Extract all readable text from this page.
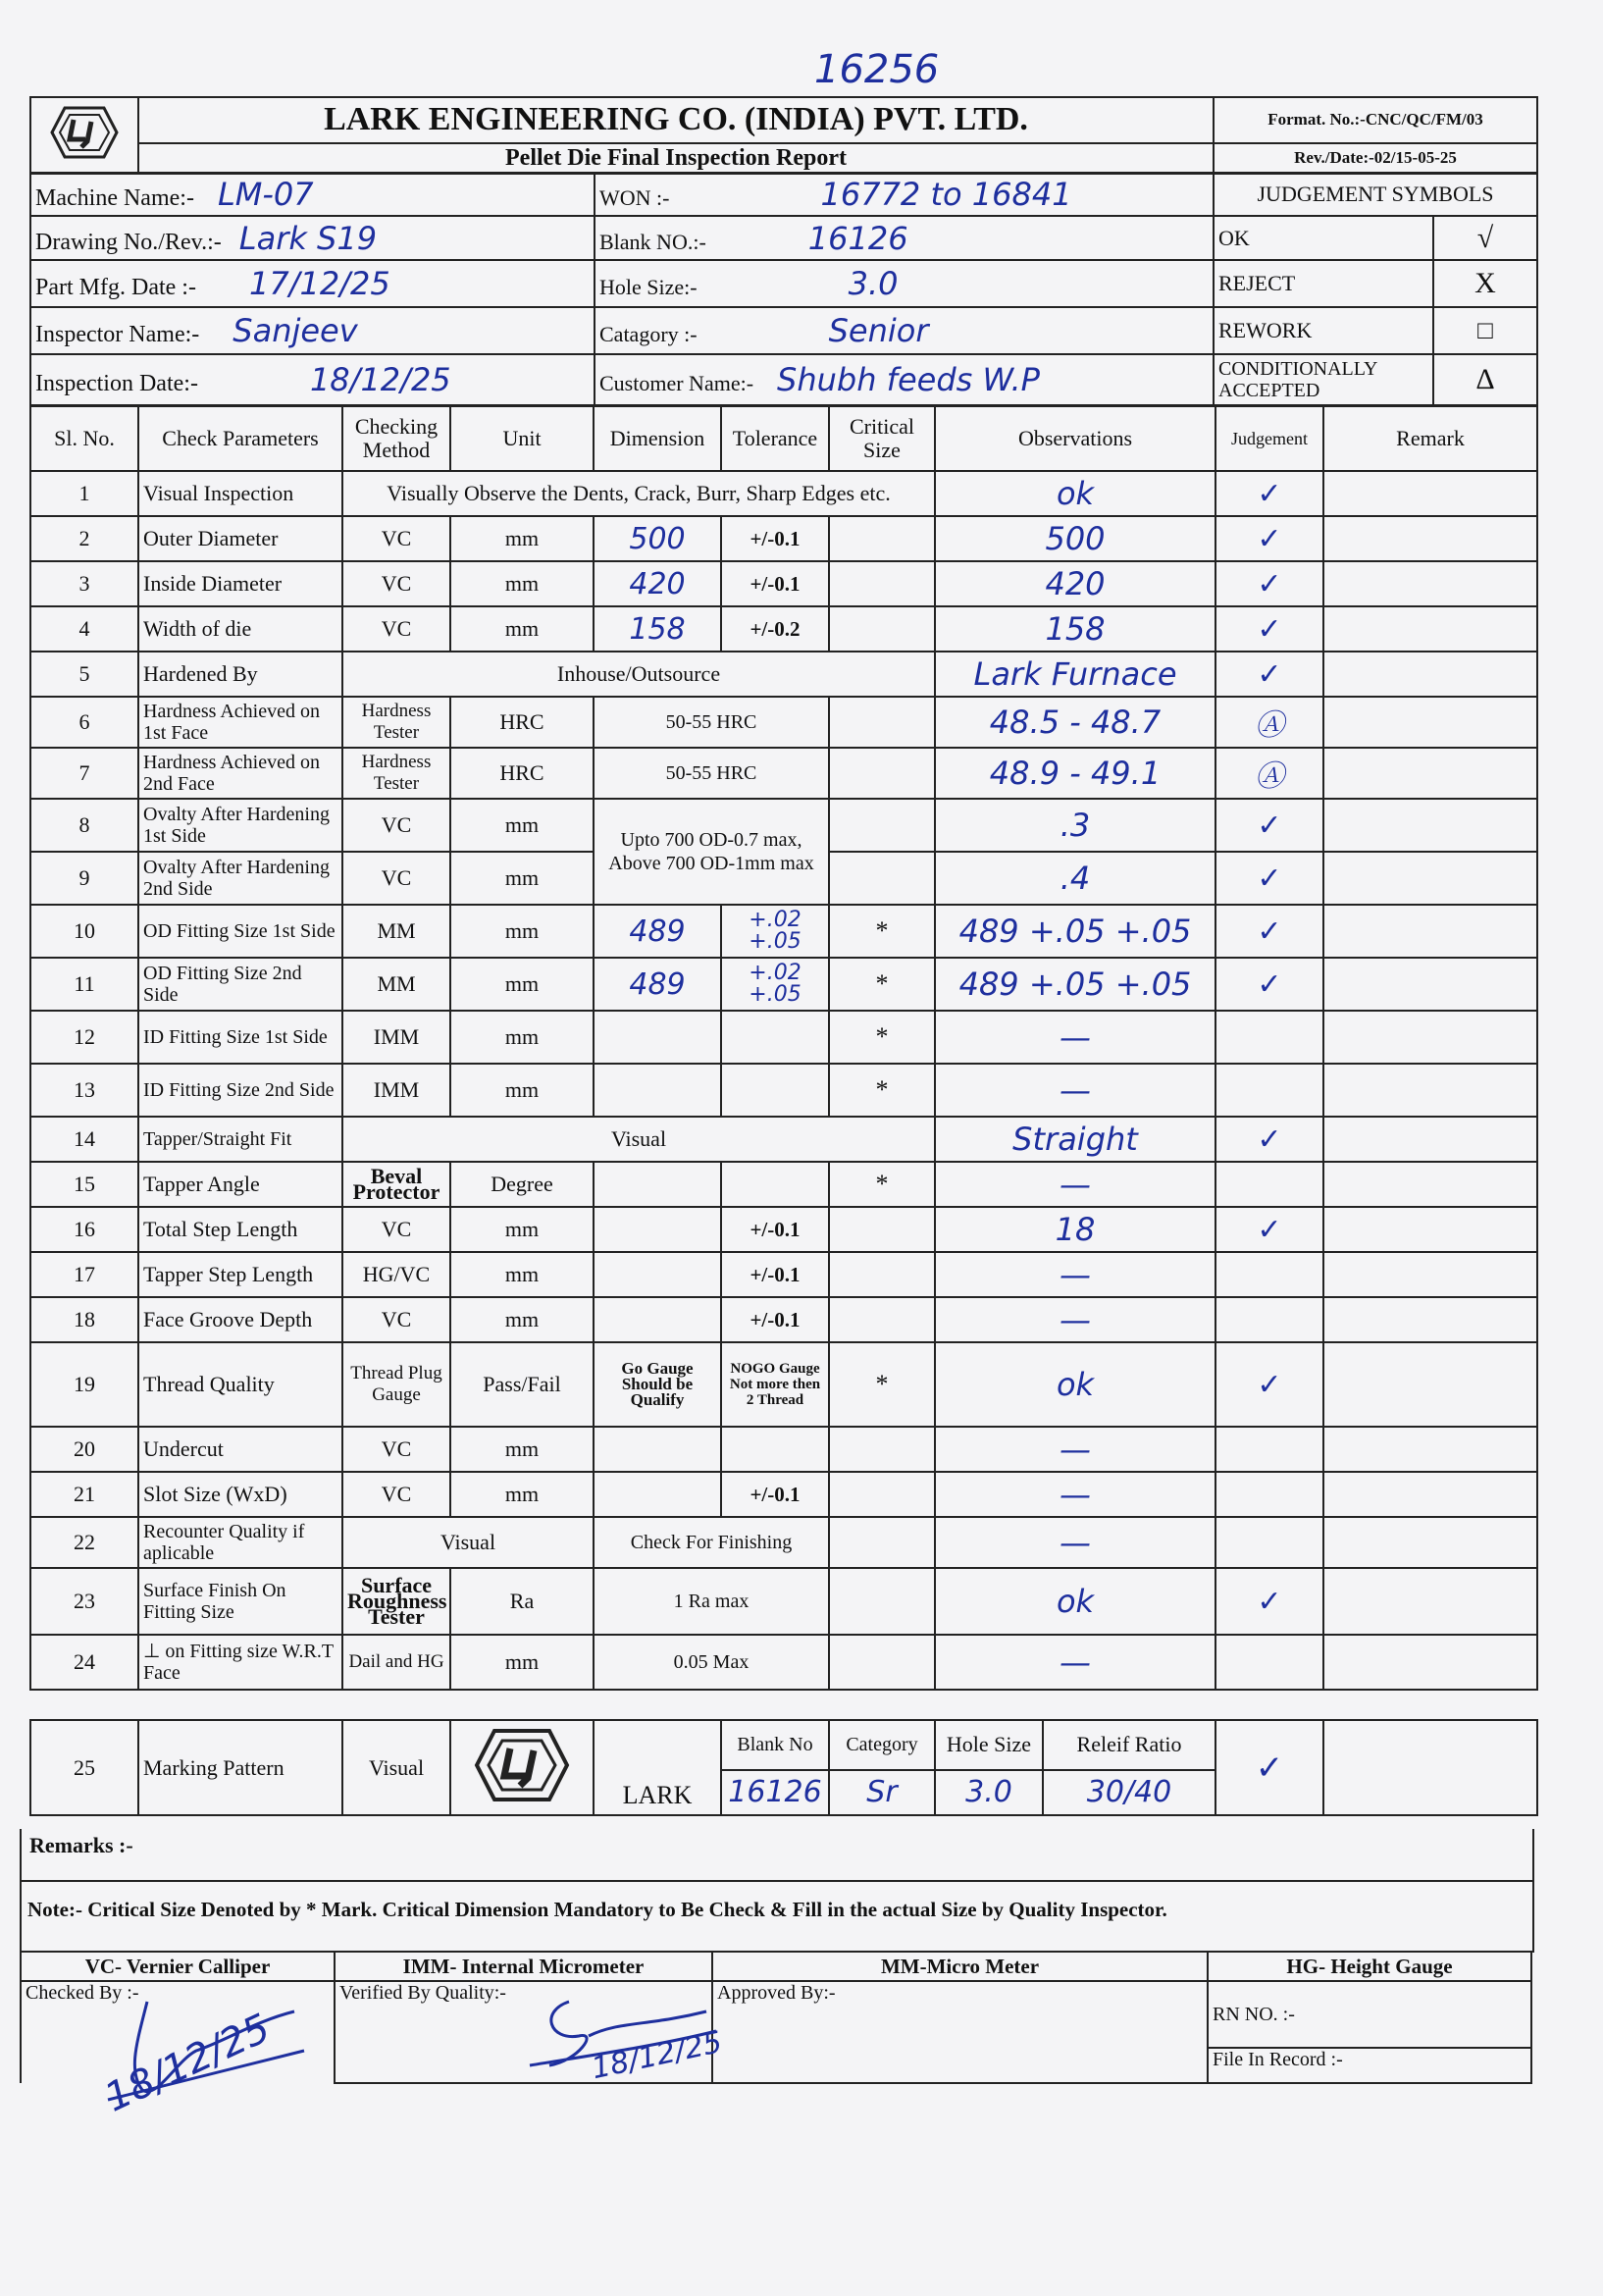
16256
	LARK ENGINEERING CO. (INDIA) PVT. LTD.	Format. No.:-CNC/QC/FM/03
	Pellet Die Final Inspection Report	Rev./Date:-02/15-05-25
Machine Name:- LM-07	WON :- 16772 to 16841	JUDGEMENT SYMBOLS	
Drawing No./Rev.:- Lark S19	Blank NO.:- 16126	OK	√
Part Mfg. Date :- 17/12/25	Hole Size:- 3.0	REJECT	X
Inspector Name:- Sanjeev	Catagory :- Senior	REWORK	□
Inspection Date:- 18/12/25	Customer Name:- Shubh feeds W.P	CONDITIONALLY ACCEPTED	Δ
Sl. No.	Check Parameters	Checking Method	Unit	Dimension	Tolerance	Critical Size	Observations	Judgement	Remark
1	Visual Inspection	Visually Observe the Dents, Crack, Burr, Sharp Edges etc.					ok	✓	
2	Outer Diameter	VC	mm	500	+/-0.1		500	✓	
3	Inside Diameter	VC	mm	420	+/-0.1		420	✓	
4	Width of die	VC	mm	158	+/-0.2		158	✓	
5	Hardened By	Inhouse/Outsource					Lark Furnace	✓	
6	Hardness Achieved on 1st Face	Hardness Tester	HRC	50-55 HRC			48.5 - 48.7	Ⓐ	
7	Hardness Achieved on 2nd Face	Hardness Tester	HRC	50-55 HRC			48.9 - 49.1	Ⓐ	
8	Ovalty After Hardening 1st Side	VC	mm	Upto 700 OD-0.7 max, Above 700 OD-1mm max			.3	✓	
9	Ovalty After Hardening 2nd Side	VC	mm				.4	✓	
10	OD Fitting Size 1st Side	MM	mm	489	+.02 +.05	*	489 +.05 +.05	✓	
11	OD Fitting Size 2nd Side	MM	mm	489	+.02 +.05	*	489 +.05 +.05	✓	
12	ID Fitting Size 1st Side	IMM	mm			*	—		
13	ID Fitting Size 2nd Side	IMM	mm			*	—		
14	Tapper/Straight Fit	Visual					Straight	✓	
15	Tapper Angle	Beval Protector	Degree			*	—		
16	Total Step Length	VC	mm		+/-0.1		18	✓	
17	Tapper Step Length	HG/VC	mm		+/-0.1		—		
18	Face Groove Depth	VC	mm		+/-0.1		—		
19	Thread Quality	Thread Plug Gauge	Pass/Fail	Go Gauge Should be Qualify	NOGO Gauge Not more then 2 Thread	*	ok	✓	
20	Undercut	VC	mm				—		
21	Slot Size (WxD)	VC	mm		+/-0.1		—		
22	Recounter Quality if aplicable	Visual		Check For Finishing			—		
23	Surface Finish On Fitting Size	Surface Roughness Tester	Ra	1 Ra max			ok	✓	
24	⊥ on Fitting size W.R.T Face	Dail and HG	mm	0.05 Max			—		
25	Marking Pattern	Visual		LARK	Blank No	Category	Hole Size	Releif Ratio	✓	
					16126	Sr	3.0	30/40		
Remarks :-
Note:- Critical Size Denoted by * Mark. Critical Dimension Mandatory to Be Check & Fill in the actual Size by Quality Inspector.
VC- Vernier Calliper	IMM- Internal Micrometer	MM-Micro Meter	HG- Height Gauge
Checked By :-	Verified By Quality:-	Approved By:-	RN NO. :-
			File In Record :-
18/12/25	18/12/25
